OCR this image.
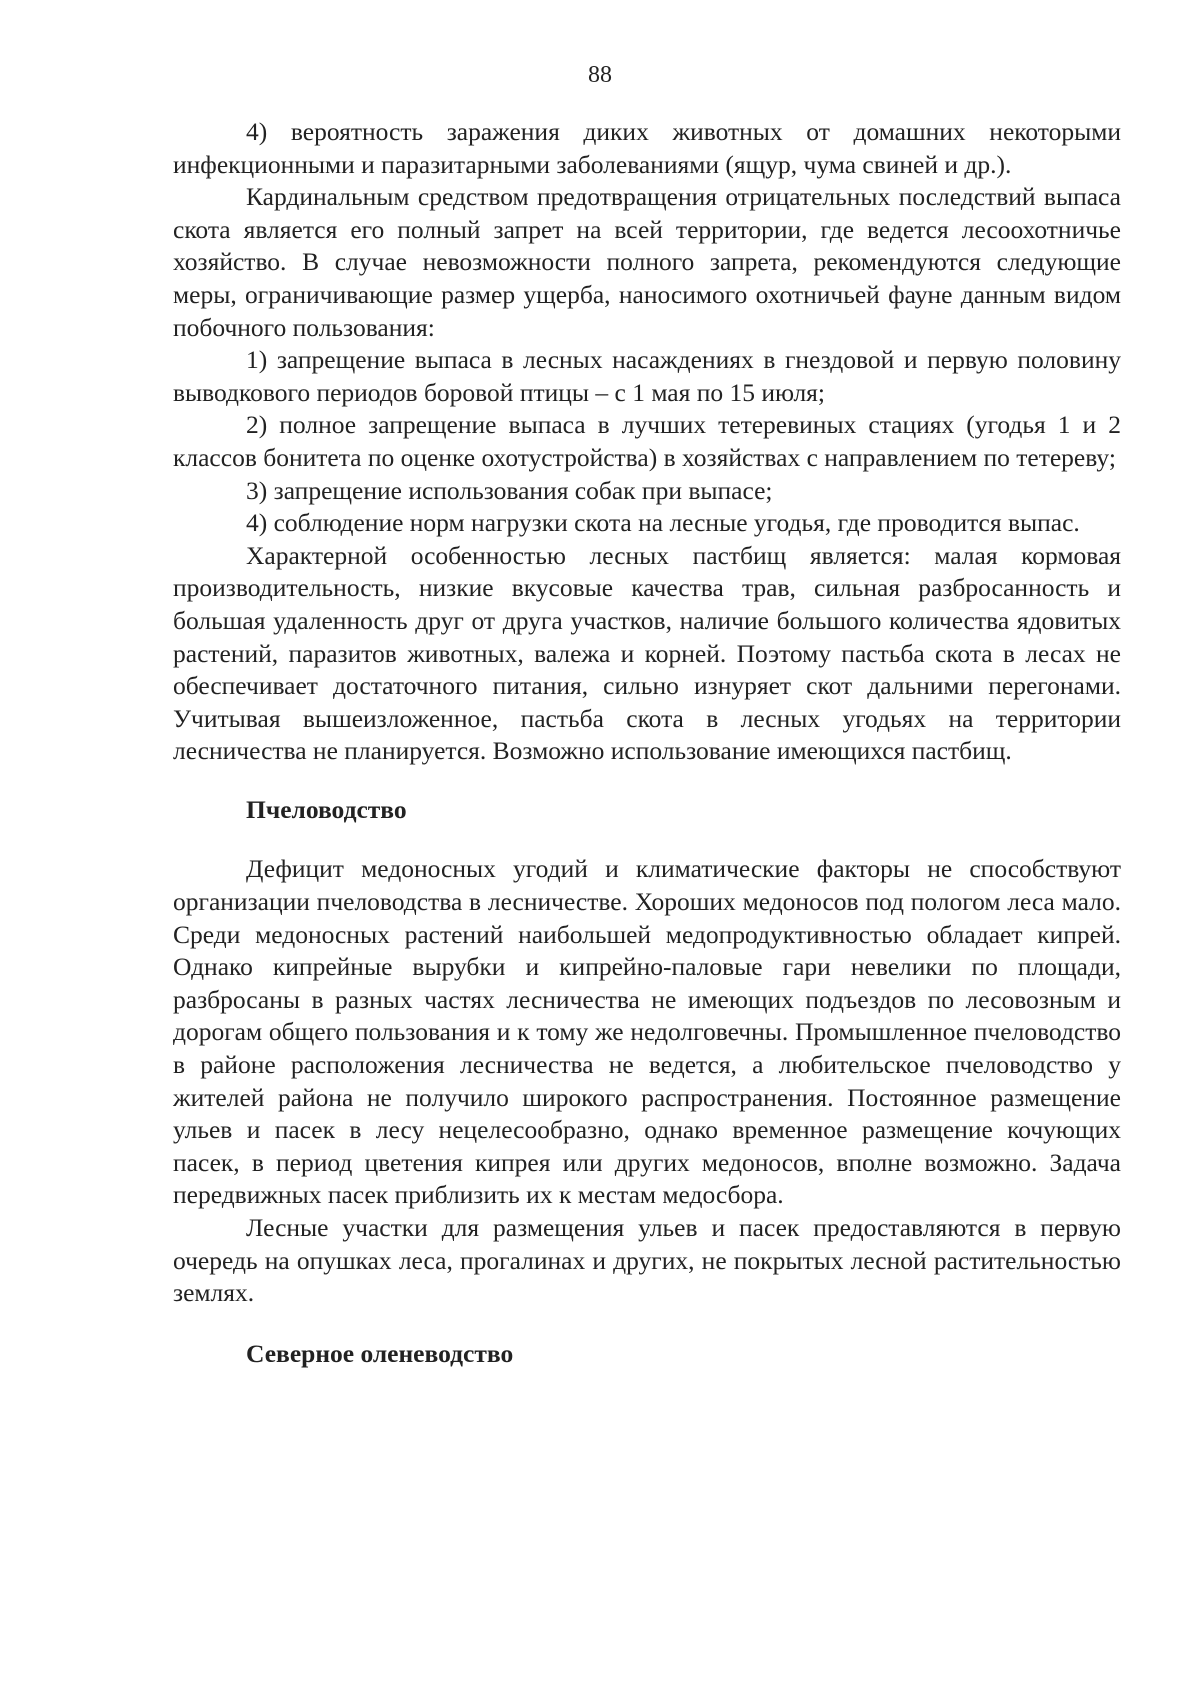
88

4) вероятность заражения диких животных от домашних некоторыми инфекционными и паразитарными заболеваниями (ящур, чума свиней и др.).

Кардинальным средством предотвращения отрицательных последствий выпаса скота является его полный запрет на всей территории, где ведется лесоохотничье хозяйство. В случае невозможности полного запрета, рекомендуются следующие меры, ограничивающие размер ущерба, наносимого охотничьей фауне данным видом побочного пользования:

1) запрещение выпаса в лесных насаждениях в гнездовой и первую половину выводкового периодов боровой птицы – с 1 мая по 15 июля;

2) полное запрещение выпаса в лучших тетеревиных стациях (угодья 1 и 2 классов бонитета по оценке охотустройства) в хозяйствах с направлением по тетереву;

3) запрещение использования собак при выпасе;

4) соблюдение норм нагрузки скота на лесные угодья, где проводится выпас.

Характерной особенностью лесных пастбищ является: малая кормовая производительность, низкие вкусовые качества трав, сильная разбросанность и большая удаленность друг от друга участков, наличие большого количества ядовитых растений, паразитов животных, валежа и корней. Поэтому пастьба скота в лесах не обеспечивает достаточного питания, сильно изнуряет скот дальними перегонами. Учитывая вышеизложенное, пастьба скота в лесных угодьях на территории лесничества не планируется. Возможно использование имеющихся пастбищ.

Пчеловодство

Дефицит медоносных угодий и климатические факторы не способствуют организации пчеловодства в лесничестве. Хороших медоносов под пологом леса мало. Среди медоносных растений наибольшей медопродуктивностью обладает кипрей. Однако кипрейные вырубки и кипрейно-паловые гари невелики по площади, разбросаны в разных частях лесничества не имеющих подъездов по лесовозным и дорогам общего пользования и к тому же недолговечны. Промышленное пчеловодство в районе расположения лесничества не ведется, а любительское пчеловодство у жителей района не получило широкого распространения. Постоянное размещение ульев и пасек в лесу нецелесообразно, однако временное размещение кочующих пасек, в период цветения кипрея или других медоносов, вполне возможно. Задача передвижных пасек приблизить их к местам медосбора.

Лесные участки для размещения ульев и пасек предоставляются в первую очередь на опушках леса, прогалинах и других, не покрытых лесной растительностью землях.

Северное оленеводство
